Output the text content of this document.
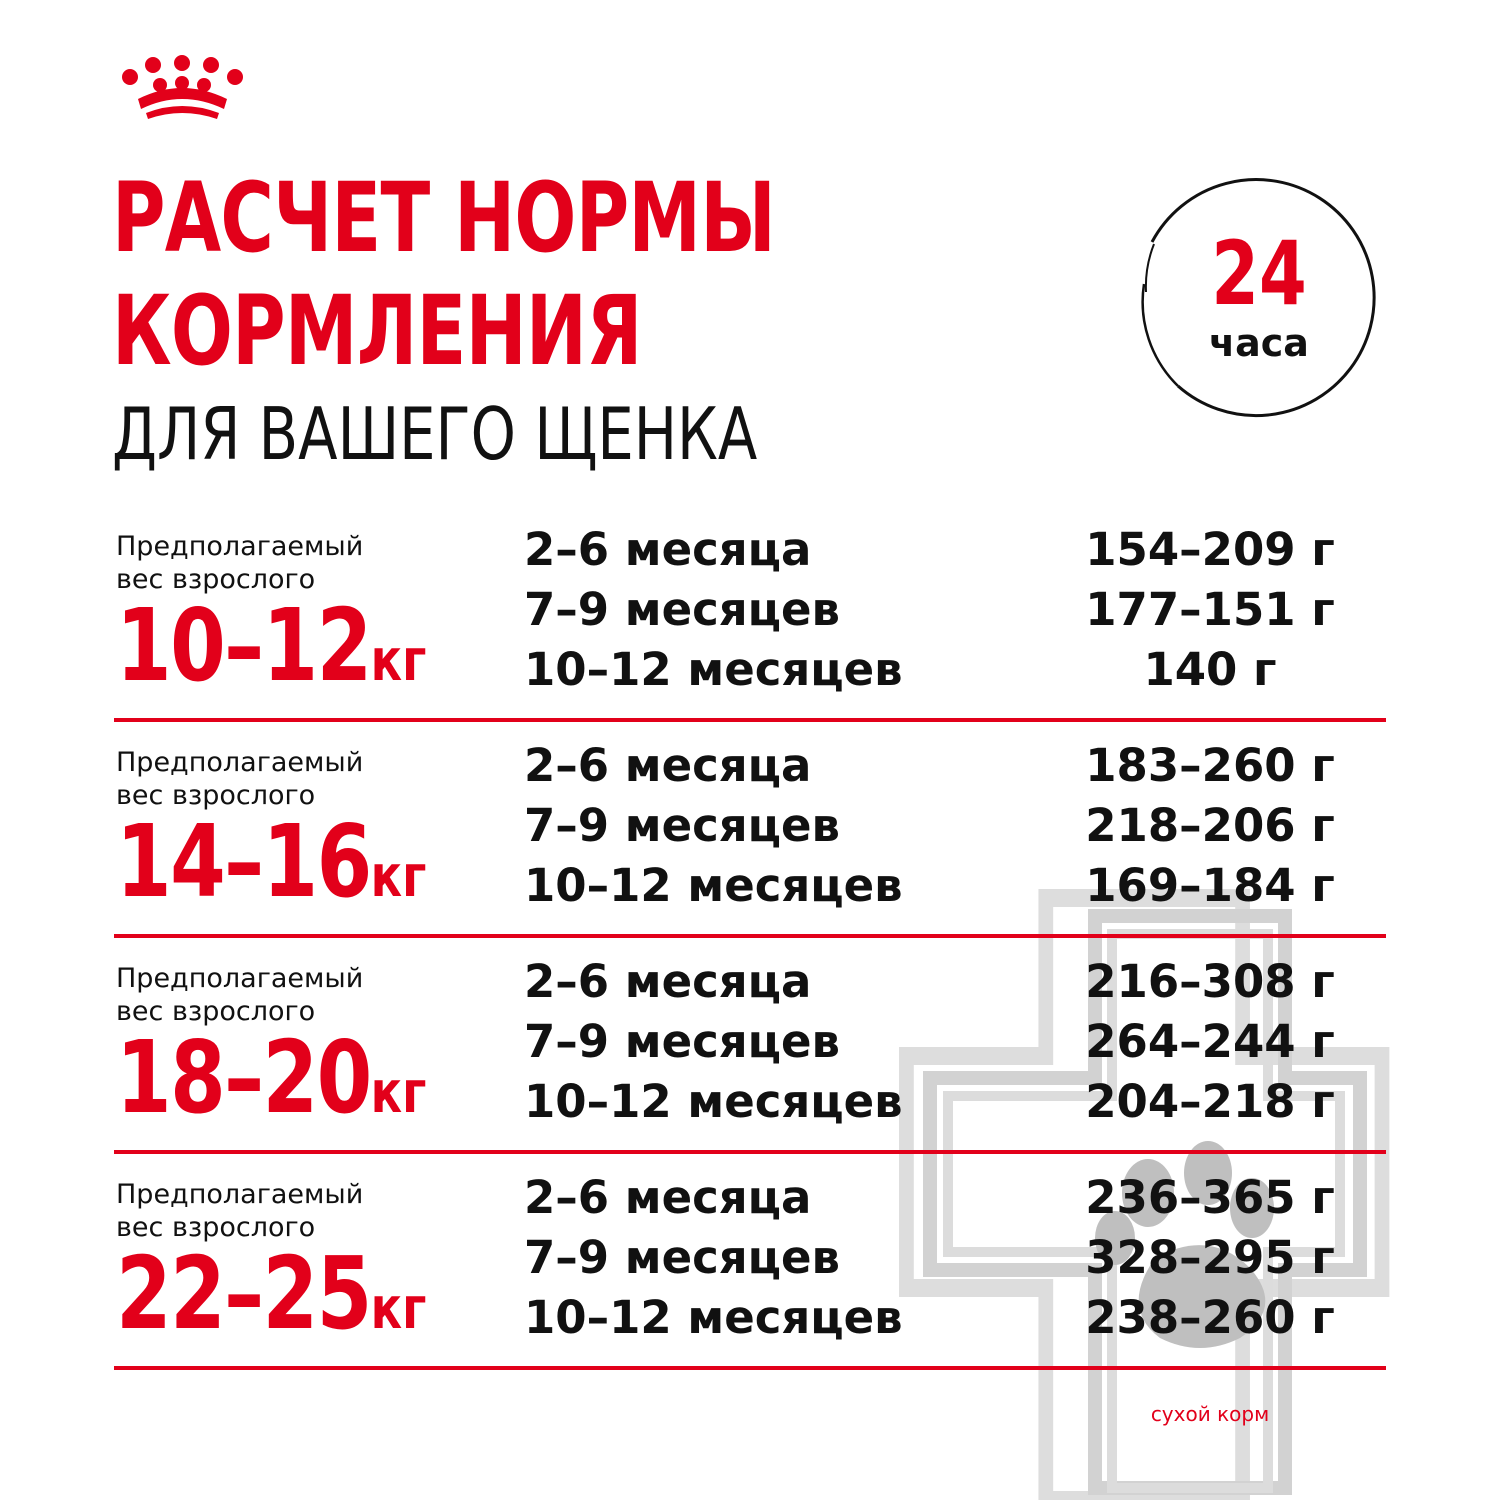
РАСЧЕТ НОРМЫ
КОРМЛЕНИЯ
ДЛЯ ВАШЕГО ЩЕНКА
24
часа

Предполагаемый

вес взрослого

10–12кг

2–6 месяца	154–209 г

7–9 месяцев	177–151 г

10–12 месяцев	140 г

Предполагаемый

вес взрослого

14–16кг

2–6 месяца	183–260 г

7–9 месяцев	218–206 г

10–12 месяцев	169–184 г

Предполагаемый

вес взрослого

18–20кг

2–6 месяца	216–308 г

7–9 месяцев	264–244 г

10–12 месяцев	204–218 г

Предполагаемый

вес взрослого

22–25кг

2–6 месяца	236–365 г

7–9 месяцев	328–295 г

10–12 месяцев	238–260 г

сухой корм
